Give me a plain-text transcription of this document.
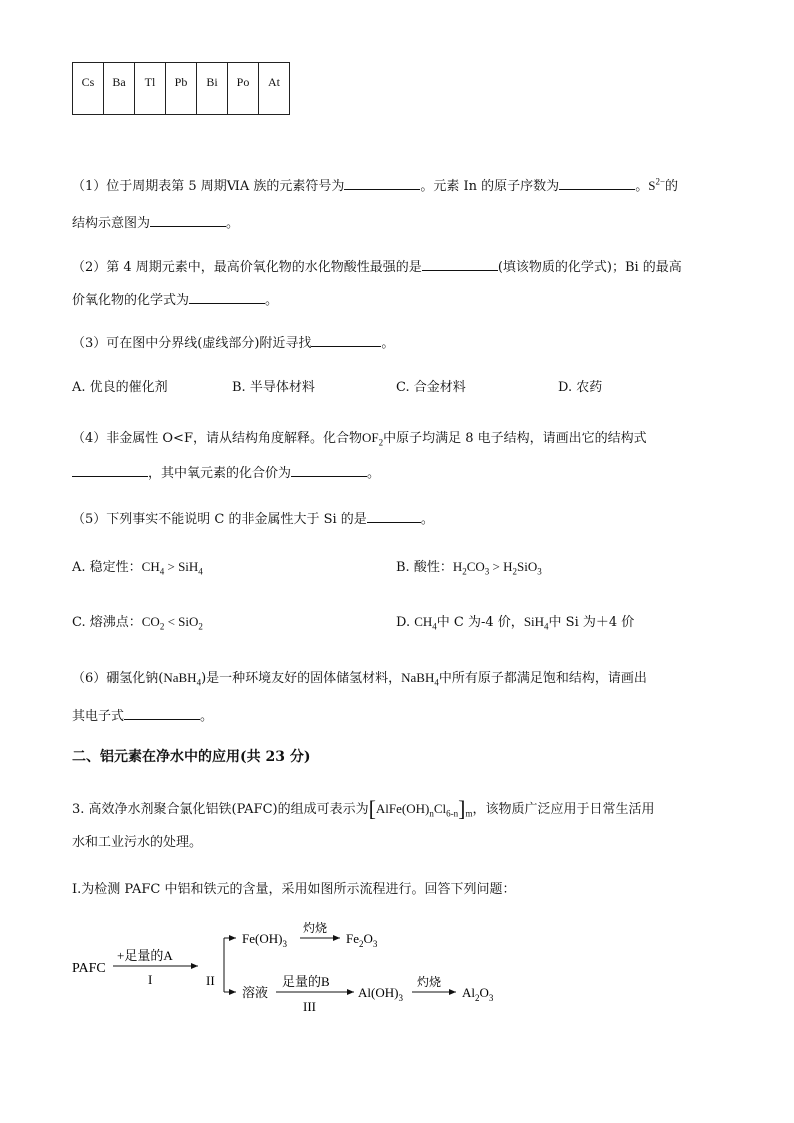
Cs	Ba	Tl	Pb	Bi	Po	At
（1）位于周期表第 5 周期ⅥA 族的元素符号为	。元素 In 的原子序数为	。$S^{2-}$的
结构示意图为	。
（2）第 4 周期元素中，最高价氧化物的水化物酸性最强的是	(填该物质的化学式)；Bi 的最高
价氧化物的化学式为	。
（3）可在图中分界线(虚线部分)附近寻找	。
A. 优良的催化剂	B. 半导体材料	C. 合金材料	D. 农药
（4）非金属性 O<F，请从结构角度解释。化合物$OF_2$中原子均满足 8 电子结构，请画出它的结构式
，其中氧元素的化合价为	。
（5）下列事实不能说明 C 的非金属性大于 Si 的是	。
A. 稳定性：$CH_4 > SiH_4$	B. 酸性：$H_2CO_3 > H_2SiO_3$
C. 熔沸点：$CO_2 < SiO_2$	D. $CH_4$中 C 为-4 价，SiH$_4$中 Si 为＋4 价
（6）硼氢化钠(NaBH$_4$)是一种环境友好的固体储氢材料，NaBH$_4$中所有原子都满足饱和结构，请画出
其电子式	。
二、铝元素在净水中的应用(共 23 分)
3. 高效净水剂聚合氯化铝铁(PAFC)的组成可表示为$[AlFe(OH)_nCl_{6-n}]_m$，该物质广泛应用于日常生活用
水和工业污水的处理。
Ⅰ.为检测 PAFC 中铝和铁元的含量，采用如图所示流程进行。回答下列问题：
PAFC
+足量的A
I	II
$Fe(OH)_3$
灼烧
$Fe_2O_3$
溶液
足量的B
III
$Al(OH)_3$
灼烧
$Al_2O_3$
